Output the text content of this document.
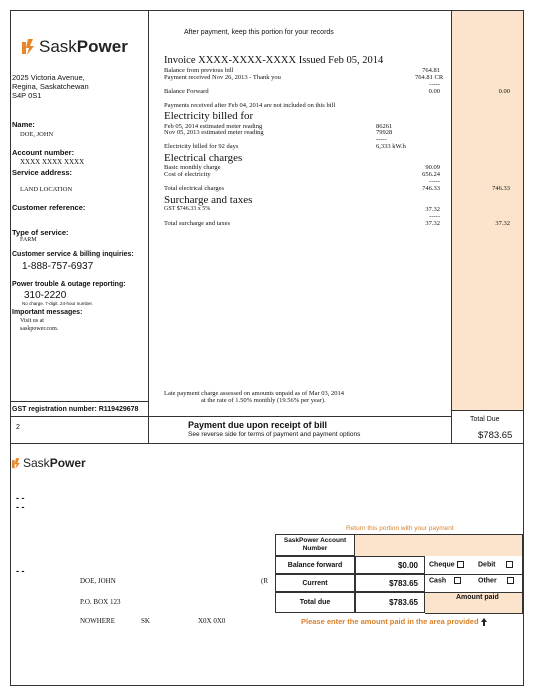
Sask Power
2025 Victoria Avenue,
Regina, Saskatchewan
S4P 0S1
Name:
DOE, JOHN
Account number:
XXXX XXXX XXXX
Service address:
LAND LOCATION
Customer reference:
Type of service:
FARM
Customer service & billing inquiries:
1-888-757-6937
Power trouble & outage reporting:
310-2220
No charge. 7-digit. 24-hour number.
Important messages:
Visit us at
saskpower.com.
GST registration number: R119429678
2
After payment, keep this portion for your records
Invoice XXXX-XXXX-XXXX Issued Feb 05, 2014
Balance from previous bill	764.81
Payment received Nov 26, 2013 - Thank you	764.81 CR
-----
Balance Forward	0.00	0.00
Payments received after Feb 04, 2014 are not included on this bill
Electricity billed for
Feb 05, 2014 estimated meter reading	86261
Nov 05, 2013 estimated meter reading	79928
-----
Electricity billed for 92 days	6,333 kW.h
Electrical charges
Basic monthly charge	90.09
Cost of electricity	656.24
-----
Total electrical charges	746.33	746.33
Surcharge and taxes
GST $746.33 x 5%	37.32
-----
Total surcharge and taxes	37.32	37.32
Late payment charge assessed on amounts unpaid as of Mar 03, 2014
at the rate of 1.50% monthly (19.56% per year).
Payment due upon receipt of bill
See reverse side for terms of payment and payment options
Total Due
$783.65
Sask Power
- -
- -
- -
DOE, JOHN	(R
P.O. BOX 123
NOWHERE	SK	X0X 0X0
Return this portion with your payment
SaskPower Account Number
Balance forward	$0.00
Current	$783.65
Total due	$783.65
Cheque	Debit
Cash	Other
Amount paid
Please enter the amount paid in the area provided
